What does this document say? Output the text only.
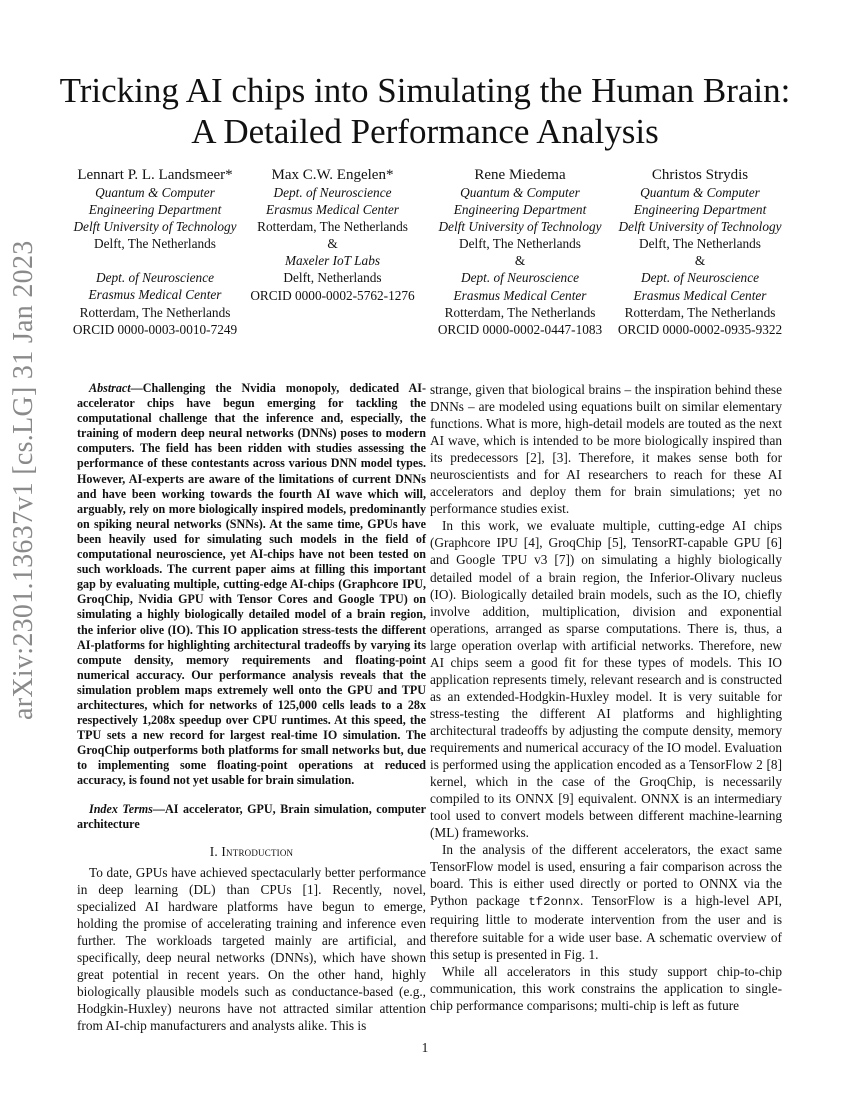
arXiv:2301.13637v1 [cs.LG] 31 Jan 2023
Tricking AI chips into Simulating the Human Brain:
A Detailed Performance Analysis
Lennart P. L. Landsmeer*
Quantum & Computer
Engineering Department
Delft University of Technology
Delft, The Netherlands
Dept. of Neuroscience
Erasmus Medical Center
Rotterdam, The Netherlands
ORCID 0000-0003-0010-7249
Max C.W. Engelen*
Dept. of Neuroscience
Erasmus Medical Center
Rotterdam, The Netherlands
&
Maxeler IoT Labs
Delft, Netherlands
ORCID 0000-0002-5762-1276
Rene Miedema
Quantum & Computer
Engineering Department
Delft University of Technology
Delft, The Netherlands
&
Dept. of Neuroscience
Erasmus Medical Center
Rotterdam, The Netherlands
ORCID 0000-0002-0447-1083
Christos Strydis
Quantum & Computer
Engineering Department
Delft University of Technology
Delft, The Netherlands
&
Dept. of Neuroscience
Erasmus Medical Center
Rotterdam, The Netherlands
ORCID 0000-0002-0935-9322

Abstract—Challenging the Nvidia monopoly, dedicated AI-accelerator chips have begun emerging for tackling the computational challenge that the inference and, especially, the training of modern deep neural networks (DNNs) poses to modern computers. The field has been ridden with studies assessing the performance of these contestants across various DNN model types. However, AI-experts are aware of the limitations of current DNNs and have been working towards the fourth AI wave which will, arguably, rely on more biologically inspired models, predominantly on spiking neural networks (SNNs). At the same time, GPUs have been heavily used for simulating such models in the field of computational neuroscience, yet AI-chips have not been tested on such workloads. The current paper aims at filling this important gap by evaluating multiple, cutting-edge AI-chips (Graphcore IPU, GroqChip, Nvidia GPU with Tensor Cores and Google TPU) on simulating a highly biologically detailed model of a brain region, the inferior olive (IO). This IO application stress-tests the different AI-platforms for highlighting architectural tradeoffs by varying its compute density, memory requirements and floating-point numerical accuracy. Our performance analysis reveals that the simulation problem maps extremely well onto the GPU and TPU architectures, which for networks of 125,000 cells leads to a 28x respectively 1,208x speedup over CPU runtimes. At this speed, the TPU sets a new record for largest real-time IO simulation. The GroqChip outperforms both platforms for small networks but, due to implementing some floating-point operations at reduced accuracy, is found not yet usable for brain simulation.

Index Terms—AI accelerator, GPU, Brain simulation, computer architecture

I. Introduction

To date, GPUs have achieved spectacularly better performance in deep learning (DL) than CPUs [1]. Recently, novel, specialized AI hardware platforms have begun to emerge, holding the promise of accelerating training and inference even further. The workloads targeted mainly are artificial, and specifically, deep neural networks (DNNs), which have shown great potential in recent years. On the other hand, highly biologically plausible models such as conductance-based (e.g., Hodgkin-Huxley) neurons have not attracted similar attention from AI-chip manufacturers and analysts alike. This is

strange, given that biological brains – the inspiration behind these DNNs – are modeled using equations built on similar elementary functions. What is more, high-detail models are touted as the next AI wave, which is intended to be more biologically inspired than its predecessors [2], [3]. Therefore, it makes sense both for neuroscientists and for AI researchers to reach for these AI accelerators and deploy them for brain simulations; yet no performance studies exist.

In this work, we evaluate multiple, cutting-edge AI chips (Graphcore IPU [4], GroqChip [5], TensorRT-capable GPU [6] and Google TPU v3 [7]) on simulating a highly biologically detailed model of a brain region, the Inferior-Olivary nucleus (IO). Biologically detailed brain models, such as the IO, chiefly involve addition, multiplication, division and exponential operations, arranged as sparse computations. There is, thus, a large operation overlap with artificial networks. Therefore, new AI chips seem a good fit for these types of models. This IO application represents timely, relevant research and is constructed as an extended-Hodgkin-Huxley model. It is very suitable for stress-testing the different AI platforms and highlighting architectural tradeoffs by adjusting the compute density, memory requirements and numerical accuracy of the IO model. Evaluation is performed using the application encoded as a TensorFlow 2 [8] kernel, which in the case of the GroqChip, is necessarily compiled to its ONNX [9] equivalent. ONNX is an intermediary tool used to convert models between different machine-learning (ML) frameworks.

In the analysis of the different accelerators, the exact same TensorFlow model is used, ensuring a fair comparison across the board. This is either used directly or ported to ONNX via the Python package tf2onnx. TensorFlow is a high-level API, requiring little to moderate intervention from the user and is therefore suitable for a wide user base. A schematic overview of this setup is presented in Fig. 1.

While all accelerators in this study support chip-to-chip communication, this work constrains the application to single-chip performance comparisons; multi-chip is left as future

1
